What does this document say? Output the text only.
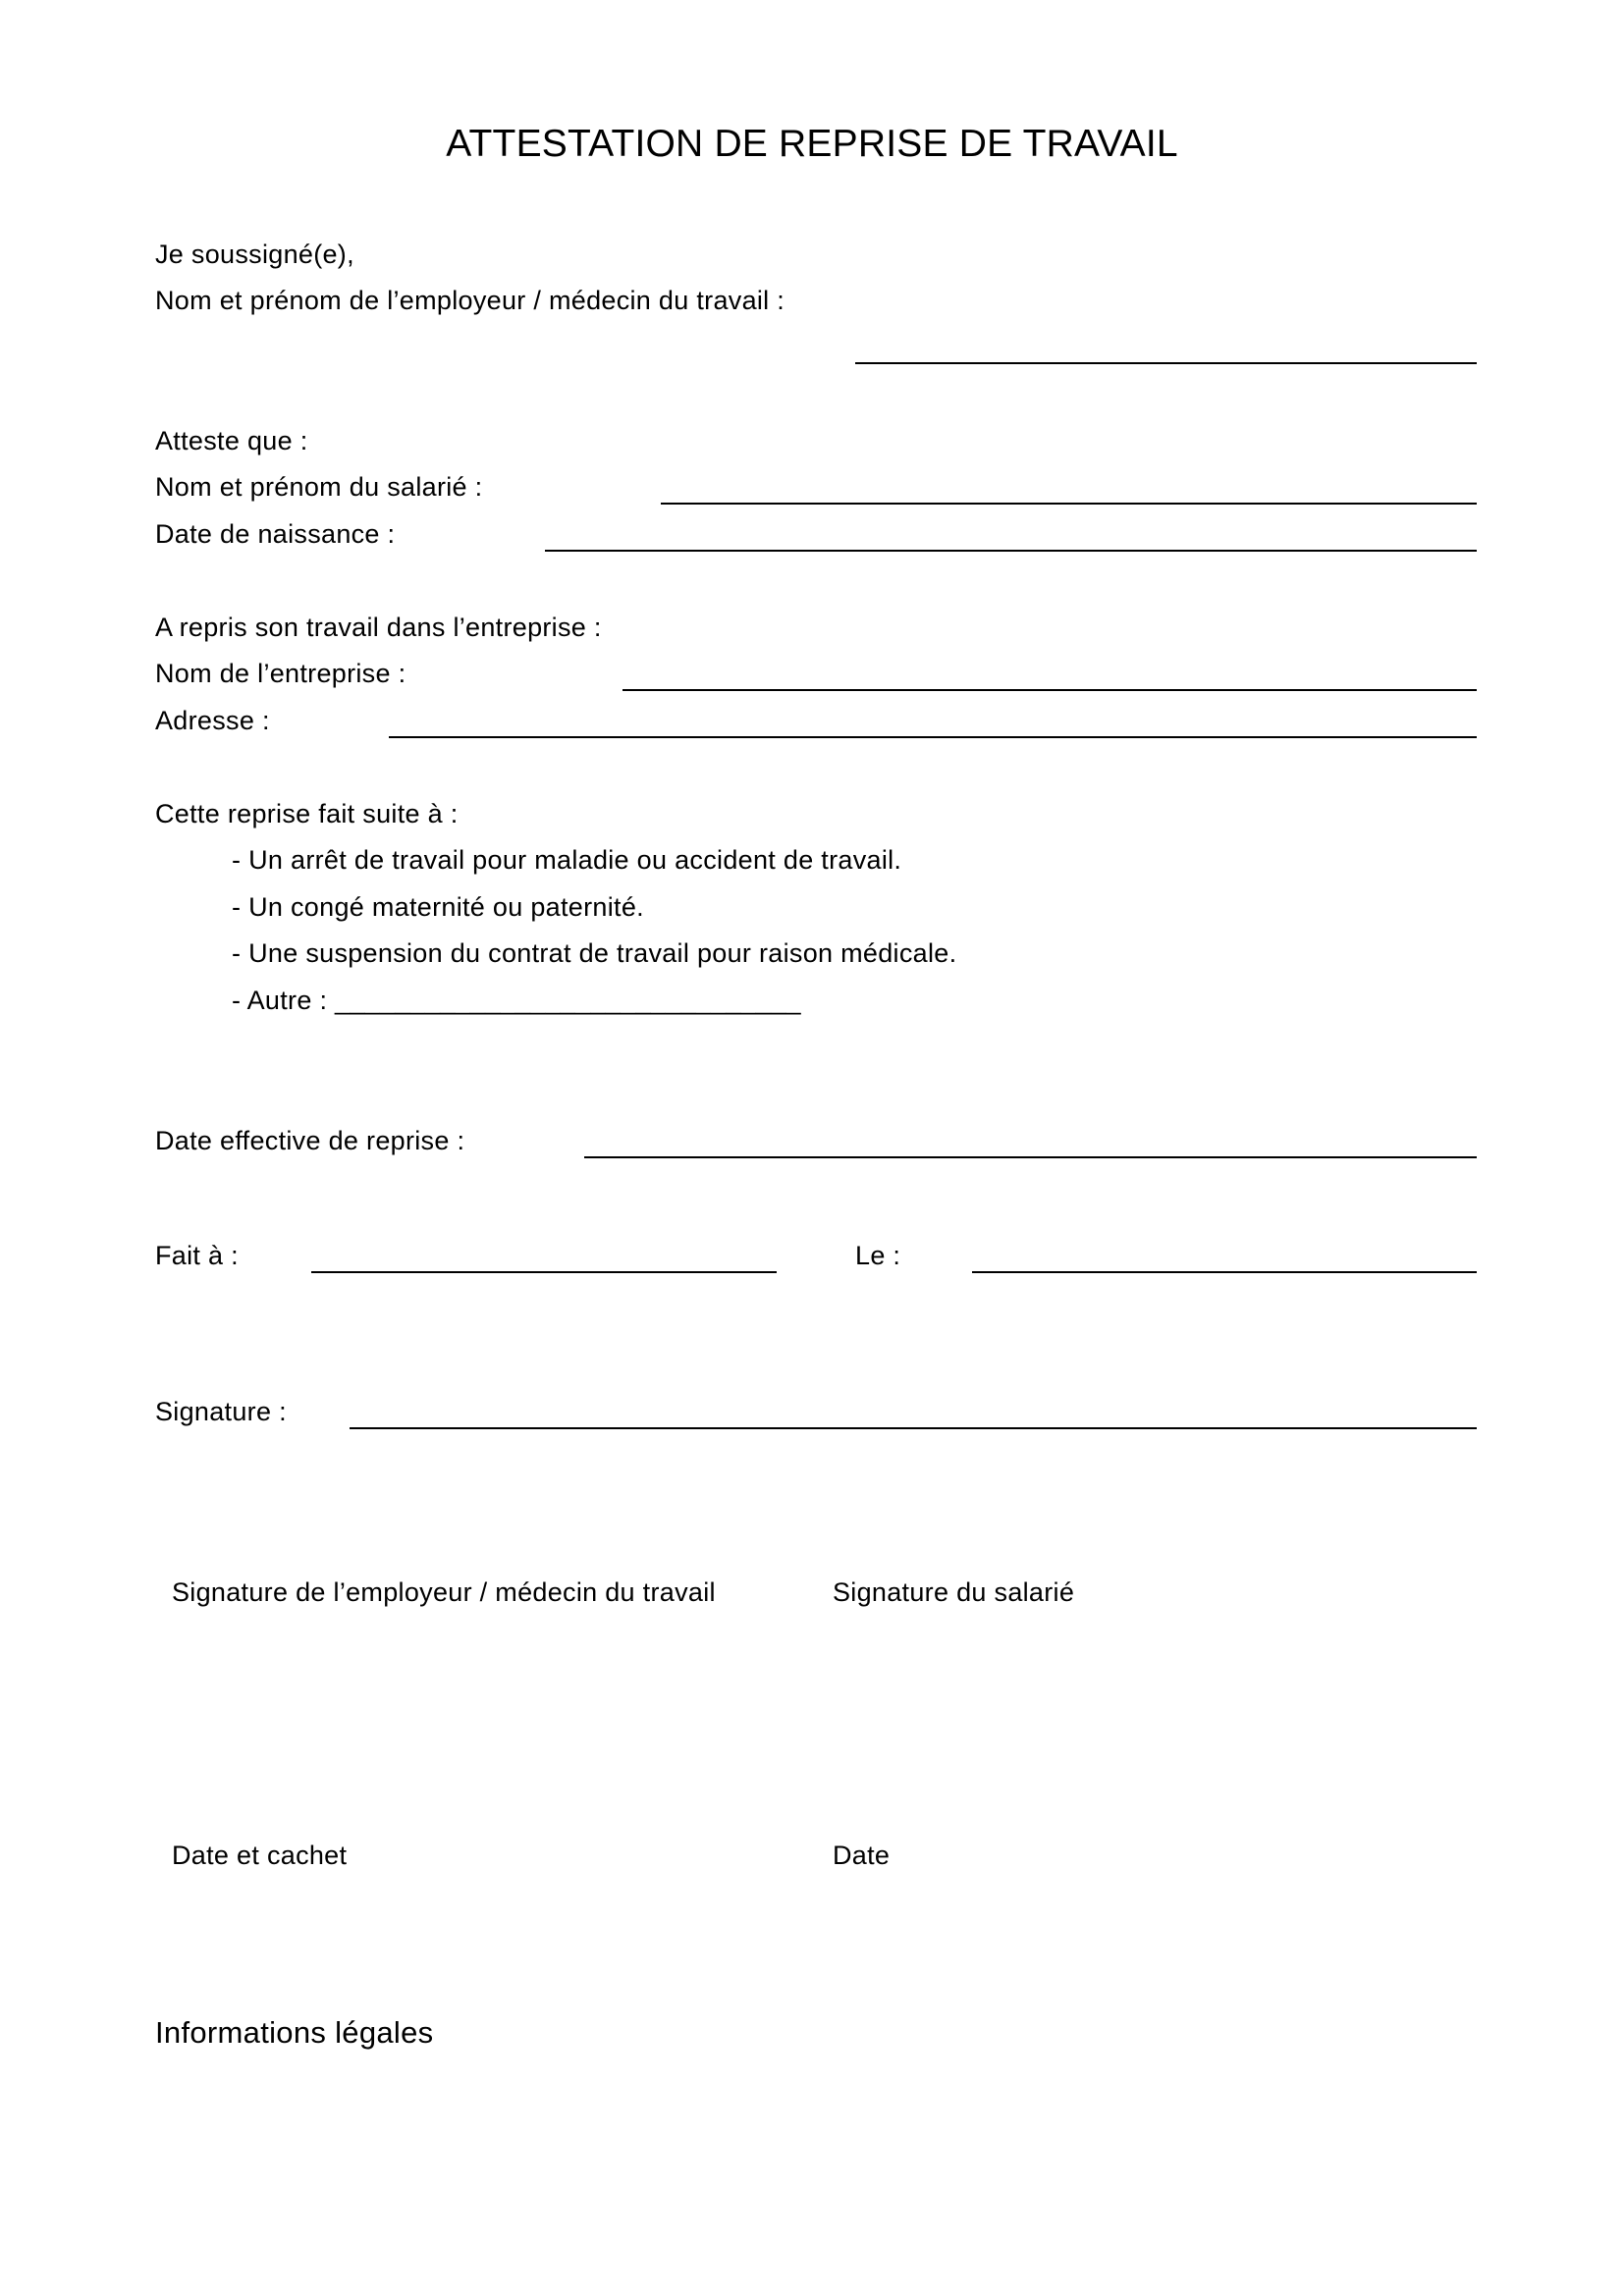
ATTESTATION DE REPRISE DE TRAVAIL
Je soussigné(e),
Nom et prénom de l’employeur / médecin du travail :
Atteste que :
Nom et prénom du salarié :
Date de naissance :
A repris son travail dans l’entreprise :
Nom de l’entreprise :
Adresse :
Cette reprise fait suite à :
- Un arrêt de travail pour maladie ou accident de travail.
- Un congé maternité ou paternité.
- Une suspension du contrat de travail pour raison médicale.
- Autre : _______________________________
Date effective de reprise :
Fait à :	Le :
Signature :
Signature de l’employeur / médecin du travail	Signature du salarié
Date et cachet	Date
Informations légales
